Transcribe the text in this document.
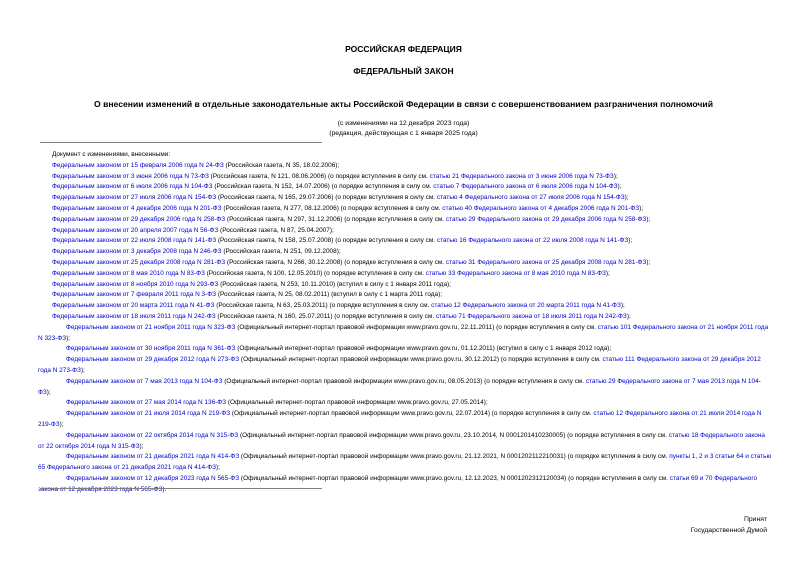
РОССИЙСКАЯ ФЕДЕРАЦИЯ
ФЕДЕРАЛЬНЫЙ ЗАКОН
О внесении изменений в отдельные законодательные акты Российской Федерации в связи с совершенствованием разграничения полномочий
(с изменениями на 12 декабря 2023 года)
(редакция, действующая с 1 января 2025 года)
Документ с изменениями, внесенными:
Федеральным законом от 15 февраля 2006 года N 24-ФЗ (Российская газета, N 35, 18.02.2006);
Федеральным законом от 3 июня 2006 года N 73-ФЗ (Российская газета, N 121, 08.06.2006) (о порядке вступления в силу см. статью 21 Федерального закона от 3 июня 2006 года N 73-ФЗ);
Федеральным законом от 6 июля 2006 года N 104-ФЗ (Российская газета, N 152, 14.07.2006) (о порядке вступления в силу см. статью 7 Федерального закона от 6 июля 2006 года N 104-ФЗ);
Федеральным законом от 27 июля 2006 года N 154-ФЗ (Российская газета, N 165, 29.07.2006) (о порядке вступления в силу см. статью 4 Федерального закона от 27 июля 2006 года N 154-ФЗ);
Федеральным законом от 4 декабря 2006 года N 201-ФЗ (Российская газета, N 277, 08.12.2006) (о порядке вступления в силу см. статью 40 Федерального закона от 4 декабря 2006 года N 201-ФЗ);
Федеральным законом от 29 декабря 2006 года N 258-ФЗ (Российская газета, N 297, 31.12.2006) (о порядке вступления в силу см. статью 29 Федерального закона от 29 декабря 2006 года N 258-ФЗ);
Федеральным законом от 20 апреля 2007 года N 56-ФЗ (Российская газета, N 87, 25.04.2007);
Федеральным законом от 22 июля 2008 года N 141-ФЗ (Российская газета, N 158, 25.07.2008) (о порядке вступления в силу см. статью 16 Федерального закона от 22 июля 2008 года N 141-ФЗ);
Федеральным законом от 3 декабря 2008 года N 246-ФЗ (Российская газета, N 251, 09.12.2008);
Федеральным законом от 25 декабря 2008 года N 281-ФЗ (Российская газета, N 266, 30.12.2008) (о порядке вступления в силу см. статью 31 Федерального закона от 25 декабря 2008 года N 281-ФЗ);
Федеральным законом от 8 мая 2010 года N 83-ФЗ (Российская газета, N 100, 12.05.2010) (о порядке вступления в силу см. статью 33 Федерального закона от 8 мая 2010 года N 83-ФЗ);
Федеральным законом от 8 ноября 2010 года N 293-ФЗ (Российская газета, N 253, 10.11.2010) (вступил в силу с 1 января 2011 года);
Федеральным законом от 7 февраля 2011 года N 3-ФЗ (Российская газета, N 25, 08.02.2011) (вступил в силу с 1 марта 2011 года);
Федеральным законом от 20 марта 2011 года N 41-ФЗ (Российская газета, N 63, 25.03.2011) (о порядке вступления в силу см. статью 12 Федерального закона от 20 марта 2011 года N 41-ФЗ);
Федеральным законом от 18 июля 2011 года N 242-ФЗ (Российская газета, N 160, 25.07.2011) (о порядке вступления в силу см. статью 71 Федерального закона от 18 июля 2011 года N 242-ФЗ);
Федеральным законом от 21 ноября 2011 года N 323-ФЗ (Официальный интернет-портал правовой информации www.pravo.gov.ru, 22.11.2011) (о порядке вступления в силу см. статью 101 Федерального закона от 21 ноября 2011 года N 323-ФЗ);
Федеральным законом от 30 ноября 2011 года N 361-ФЗ (Официальный интернет-портал правовой информации www.pravo.gov.ru, 01.12.2011) (вступил в силу с 1 января 2012 года);
Федеральным законом от 29 декабря 2012 года N 273-ФЗ (Официальный интернет-портал правовой информации www.pravo.gov.ru, 30.12.2012) (о порядке вступления в силу см. статью 111 Федерального закона от 29 декабря 2012 года N 273-ФЗ);
Федеральным законом от 7 мая 2013 года N 104-ФЗ (Официальный интернет-портал правовой информации www.pravo.gov.ru, 08.05.2013) (о порядке вступления в силу см. статью 29 Федерального закона от 7 мая 2013 года N 104-ФЗ);
Федеральным законом от 27 мая 2014 года N 136-ФЗ (Официальный интернет-портал правовой информации www.pravo.gov.ru, 27.05.2014);
Федеральным законом от 21 июля 2014 года N 219-ФЗ (Официальный интернет-портал правовой информации www.pravo.gov.ru, 22.07.2014) (о порядке вступления в силу см. статью 12 Федерального закона от 21 июля 2014 года N 219-ФЗ);
Федеральным законом от 22 октября 2014 года N 315-ФЗ (Официальный интернет-портал правовой информации www.pravo.gov.ru, 23.10.2014, N 0001201410230005) (о порядке вступления в силу см. статью 18 Федерального закона от 22 октября 2014 года N 315-ФЗ);
Федеральным законом от 21 декабря 2021 года N 414-ФЗ (Официальный интернет-портал правовой информации www.pravo.gov.ru, 21.12.2021, N 0001202112210031) (о порядке вступления в силу см. пункты 1, 2 и 3 статьи 64 и статью 65 Федерального закона от 21 декабря 2021 года N 414-ФЗ);
Федеральным законом от 12 декабря 2023 года N 565-ФЗ (Официальный интернет-портал правовой информации www.pravo.gov.ru, 12.12.2023, N 0001202312120034) (о порядке вступления в силу см. статьи 69 и 70 Федерального закона от 12 декабря 2023 года N 565-ФЗ).
Принят
Государственной Думой
